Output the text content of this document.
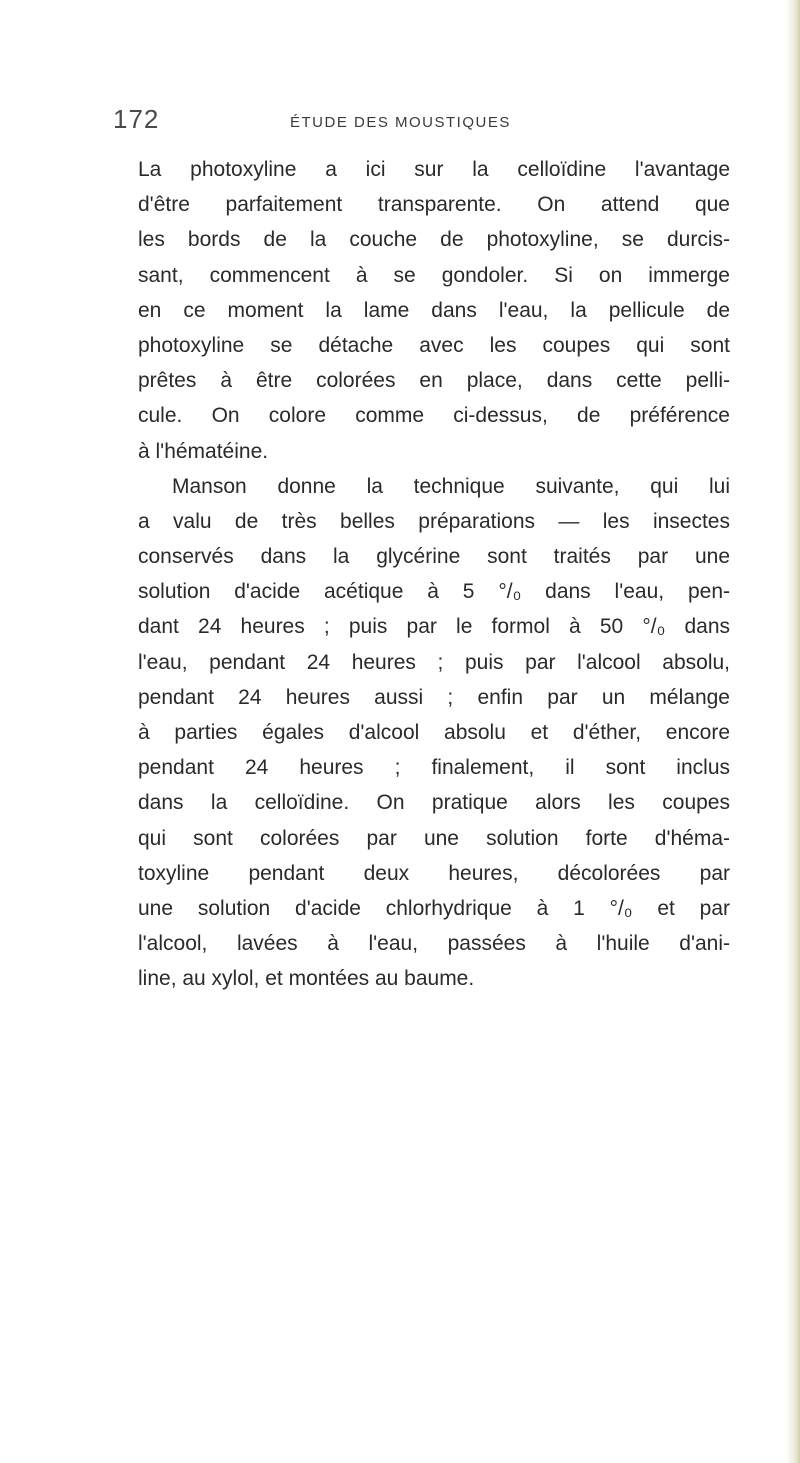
172	ÉTUDE DES MOUSTIQUES
La photoxyline a ici sur la celloïdine l'avantage
d'être parfaitement transparente. On attend que
les bords de la couche de photoxyline, se durcis-
sant, commencent à se gondoler. Si on immerge
en ce moment la lame dans l'eau, la pellicule de
photoxyline se détache avec les coupes qui sont
prêtes à être colorées en place, dans cette pelli-
cule. On colore comme ci-dessus, de préférence
à l'hématéine.
Manson donne la technique suivante, qui lui
a valu de très belles préparations — les insectes
conservés dans la glycérine sont traités par une
solution d'acide acétique à 5 °/₀ dans l'eau, pen-
dant 24 heures ; puis par le formol à 50 °/₀ dans
l'eau, pendant 24 heures ; puis par l'alcool absolu,
pendant 24 heures aussi ; enfin par un mélange
à parties égales d'alcool absolu et d'éther, encore
pendant 24 heures ; finalement, il sont inclus
dans la celloïdine. On pratique alors les coupes
qui sont colorées par une solution forte d'héma-
toxyline pendant deux heures, décolorées par
une solution d'acide chlorhydrique à 1 °/₀ et par
l'alcool, lavées à l'eau, passées à l'huile d'ani-
line, au xylol, et montées au baume.
